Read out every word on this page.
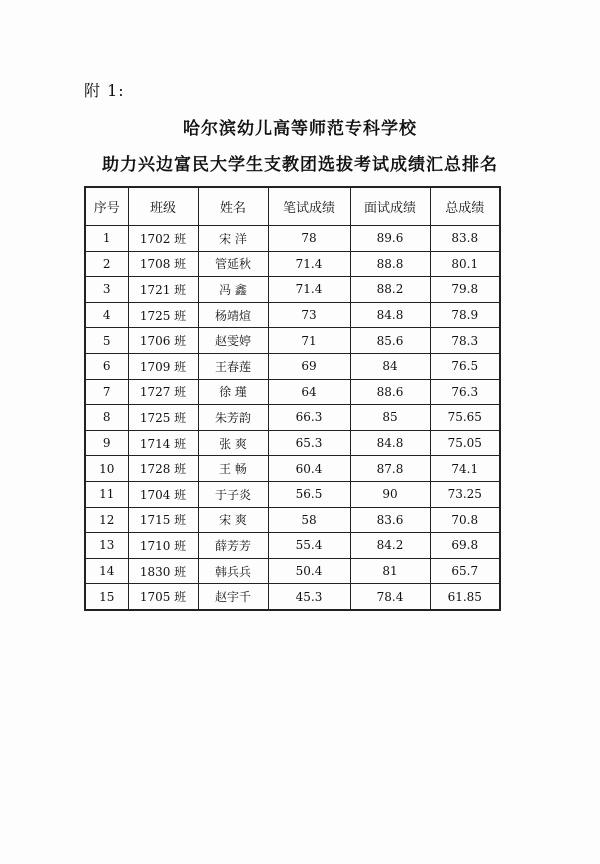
附 1:
哈尔滨幼儿高等师范专科学校
助力兴边富民大学生支教团选拔考试成绩汇总排名
序号	班级	姓名	笔试成绩	面试成绩	总成绩
1	1702 班	宋 洋	78	89.6	83.8
2	1708 班	管延秋	71.4	88.8	80.1
3	1721 班	冯 鑫	71.4	88.2	79.8
4	1725 班	杨靖煊	73	84.8	78.9
5	1706 班	赵雯婷	71	85.6	78.3
6	1709 班	王春莲	69	84	76.5
7	1727 班	徐 瑾	64	88.6	76.3
8	1725 班	朱芳韵	66.3	85	75.65
9	1714 班	张 爽	65.3	84.8	75.05
10	1728 班	王 畅	60.4	87.8	74.1
11	1704 班	于子炎	56.5	90	73.25
12	1715 班	宋 爽	58	83.6	70.8
13	1710 班	薛芳芳	55.4	84.2	69.8
14	1830 班	韩兵兵	50.4	81	65.7
15	1705 班	赵宇千	45.3	78.4	61.85
